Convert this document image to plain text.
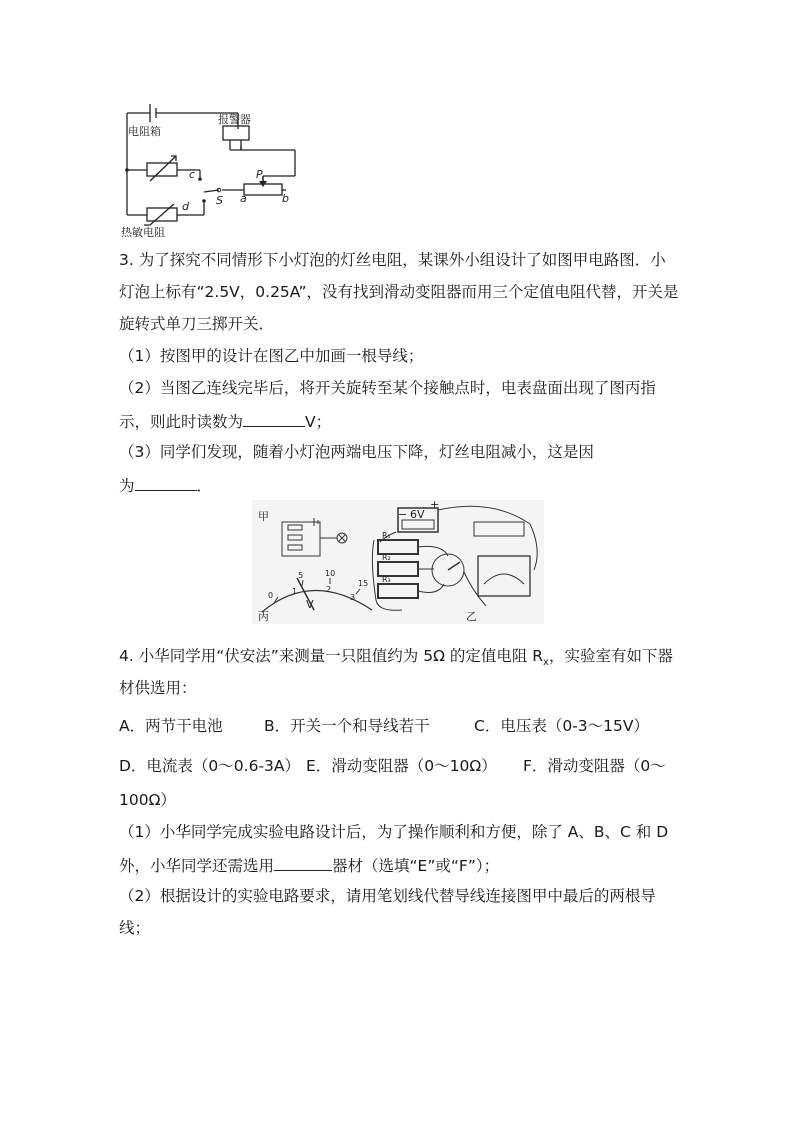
电阻箱
报警器
热敏电阻
c
d S a	b
P
3. 为了探究不同情形下小灯泡的灯丝电阻，某课外小组设计了如图甲电路图．小
灯泡上标有“2.5V，0.25A”，没有找到滑动变阻器而用三个定值电阻代替，开关是
旋转式单刀三掷开关．
（1）按图甲的设计在图乙中加画一根导线；
（2）当图乙连线完毕后，将开关旋转至某个接触点时，电表盘面出现了图丙指
示，则此时读数为	V；
（3）同学们发现，随着小灯泡两端电压下降，灯丝电阻减小，这是因
为	．
甲
乙
丙
6V
+
−
R₁
R₂
R₃
V
0
5	10
15
1	2
3
4. 小华同学用“伏安法”来测量一只阻值约为 5Ω 的定值电阻 $R_x$，实验室有如下器
材供选用：
A．两节干电池	B．开关一个和导线若干	C．电压表（0-3～15V）
D．电流表（0～0.6-3A） E．滑动变阻器（0～10Ω） F．滑动变阻器（0～
100Ω）
（1）小华同学完成实验电路设计后，为了操作顺利和方便，除了 A、B、C 和 D
外，小华同学还需选用	器材（选填“E”或“F”）；
（2）根据设计的实验电路要求，请用笔划线代替导线连接图甲中最后的两根导
线；
